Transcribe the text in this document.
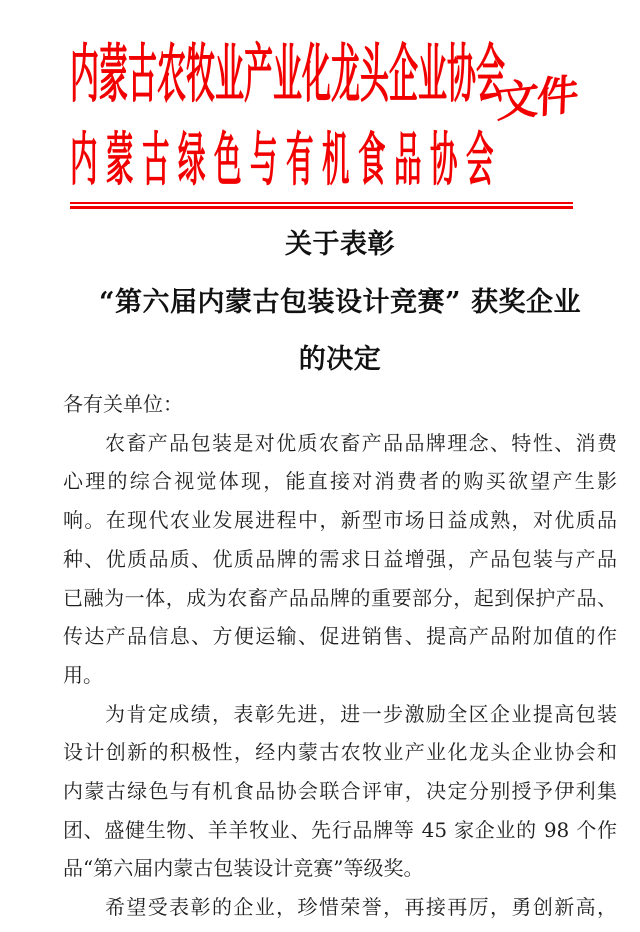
内蒙古农牧业产业化龙头企业协会
文件
内蒙古绿色与有机食品协会
关于表彰
“第六届内蒙古包装设计竞赛” 获奖企业
的决定
各有关单位：
农畜产品包装是对优质农畜产品品牌理念、特性、消费
心理的综合视觉体现，能直接对消费者的购买欲望产生影
响。在现代农业发展进程中，新型市场日益成熟，对优质品
种、优质品质、优质品牌的需求日益增强，产品包装与产品
已融为一体，成为农畜产品品牌的重要部分，起到保护产品、
传达产品信息、方便运输、促进销售、提高产品附加值的作
用。
为肯定成绩，表彰先进，进一步激励全区企业提高包装
设计创新的积极性，经内蒙古农牧业产业化龙头企业协会和
内蒙古绿色与有机食品协会联合评审，决定分别授予伊利集
团、盛健生物、羊羊牧业、先行品牌等 45 家企业的 98 个作
品“第六届内蒙古包装设计竞赛”等级奖。
希望受表彰的企业，珍惜荣誉，再接再厉，勇创新高，
